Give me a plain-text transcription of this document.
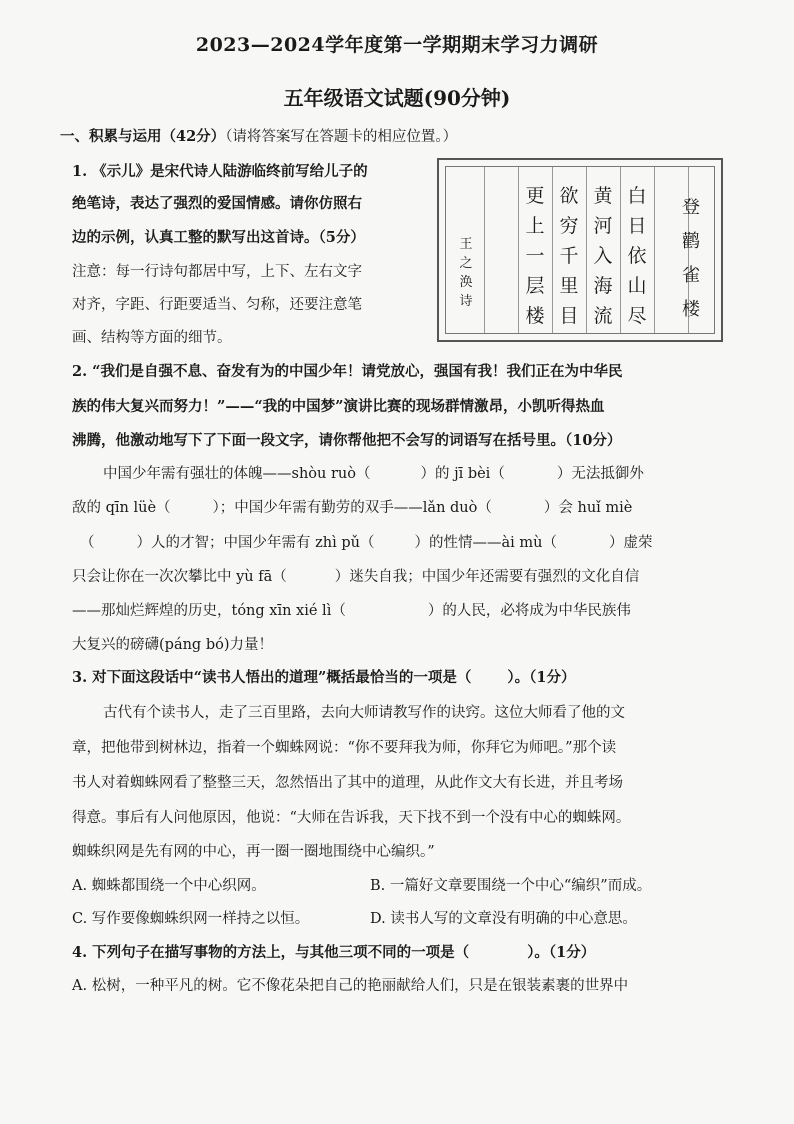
2023—2024学年度第一学期期末学习力调研
五年级语文试题(90分钟)
一、积累与运用（42分）（请将答案写在答题卡的相应位置。）
1. 《示儿》是宋代诗人陆游临终前写给儿子的
绝笔诗，表达了强烈的爱国情感。请你仿照右
边的示例，认真工整的默写出这首诗。（5分）
注意：每一行诗句都居中写，上下、左右文字
对齐，字距、行距要适当、匀称，还要注意笔
画、结构等方面的细节。
王之涣诗
更上一层楼
欲穷千里目
黄河入海流
白日依山尽
登鹳雀楼
2. “我们是自强不息、奋发有为的中国少年！请党放心，强国有我！我们正在为中华民
族的伟大复兴而努力！”——“我的中国梦”演讲比赛的现场群情激昂，小凯听得热血
沸腾，他激动地写下了下面一段文字，请你帮他把不会写的词语写在括号里。（10分）
中国少年需有强壮的体魄——shòu ruò（	）的 jī bèi（	）无法抵御外
敌的 qīn lüè（	）；中国少年需有勤劳的双手——lǎn duò（	）会 huǐ miè
（	）人的才智；中国少年需有 zhì pǔ（	）的性情——ài mù（	）虚荣
只会让你在一次次攀比中 yù fā（	）迷失自我；中国少年还需要有强烈的文化自信
——那灿烂辉煌的历史，tóng xīn xié lì（	）的人民，必将成为中华民族伟
大复兴的磅礴(páng bó)力量！
3. 对下面这段话中“读书人悟出的道理”概括最恰当的一项是（ ）。（1分）
古代有个读书人，走了三百里路，去向大师请教写作的诀窍。这位大师看了他的文
章，把他带到树林边，指着一个蜘蛛网说：“你不要拜我为师，你拜它为师吧。”那个读
书人对着蜘蛛网看了整整三天，忽然悟出了其中的道理，从此作文大有长进，并且考场
得意。事后有人问他原因，他说：“大师在告诉我，天下找不到一个没有中心的蜘蛛网。
蜘蛛织网是先有网的中心，再一圈一圈地围绕中心编织。”
A. 蜘蛛都围绕一个中心织网。	B. 一篇好文章要围绕一个中心“编织”而成。
C. 写作要像蜘蛛织网一样持之以恒。	D. 读书人写的文章没有明确的中心意思。
4. 下列句子在描写事物的方法上，与其他三项不同的一项是（	）。（1分）
A. 松树，一种平凡的树。它不像花朵把自己的艳丽献给人们，只是在银装素裹的世界中
